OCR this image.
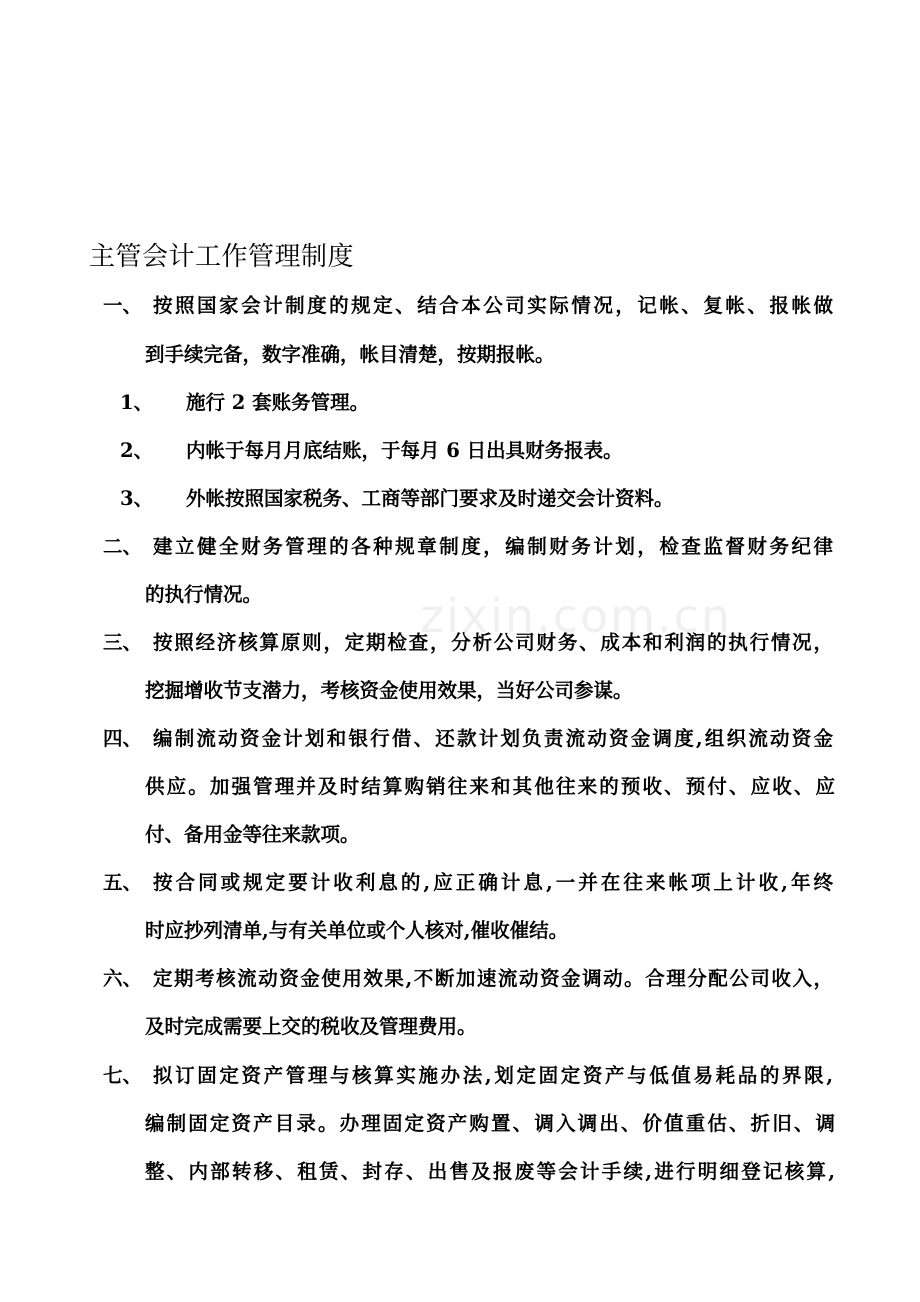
zixin.com.cn
主管会计工作管理制度
一、 按照国家会计制度的规定、结合本公司实际情况，记帐、复帐、报帐做
到手续完备，数字准确，帐目清楚，按期报帐。
1、	施行 2 套账务管理。
2、	内帐于每月月底结账，于每月 6 日出具财务报表。
3、	外帐按照国家税务、工商等部门要求及时递交会计资料。
二、 建立健全财务管理的各种规章制度，编制财务计划，检查监督财务纪律
的执行情况。
三、 按照经济核算原则，定期检查，分析公司财务、成本和利润的执行情况，
挖掘增收节支潜力，考核资金使用效果，当好公司参谋。
四、 编制流动资金计划和银行借、还款计划负责流动资金调度,组织流动资金
供应。加强管理并及时结算购销往来和其他往来的预收、预付、应收、应
付、备用金等往来款项。
五、 按合同或规定要计收利息的,应正确计息,一并在往来帐项上计收,年终
时应抄列清单,与有关单位或个人核对,催收催结。
六、 定期考核流动资金使用效果,不断加速流动资金调动。合理分配公司收入，
及时完成需要上交的税收及管理费用。
七、 拟订固定资产管理与核算实施办法,划定固定资产与低值易耗品的界限,
编制固定资产目录。办理固定资产购置、调入调出、价值重估、折旧、调
整、内部转移、租赁、封存、出售及报废等会计手续,进行明细登记核算,
